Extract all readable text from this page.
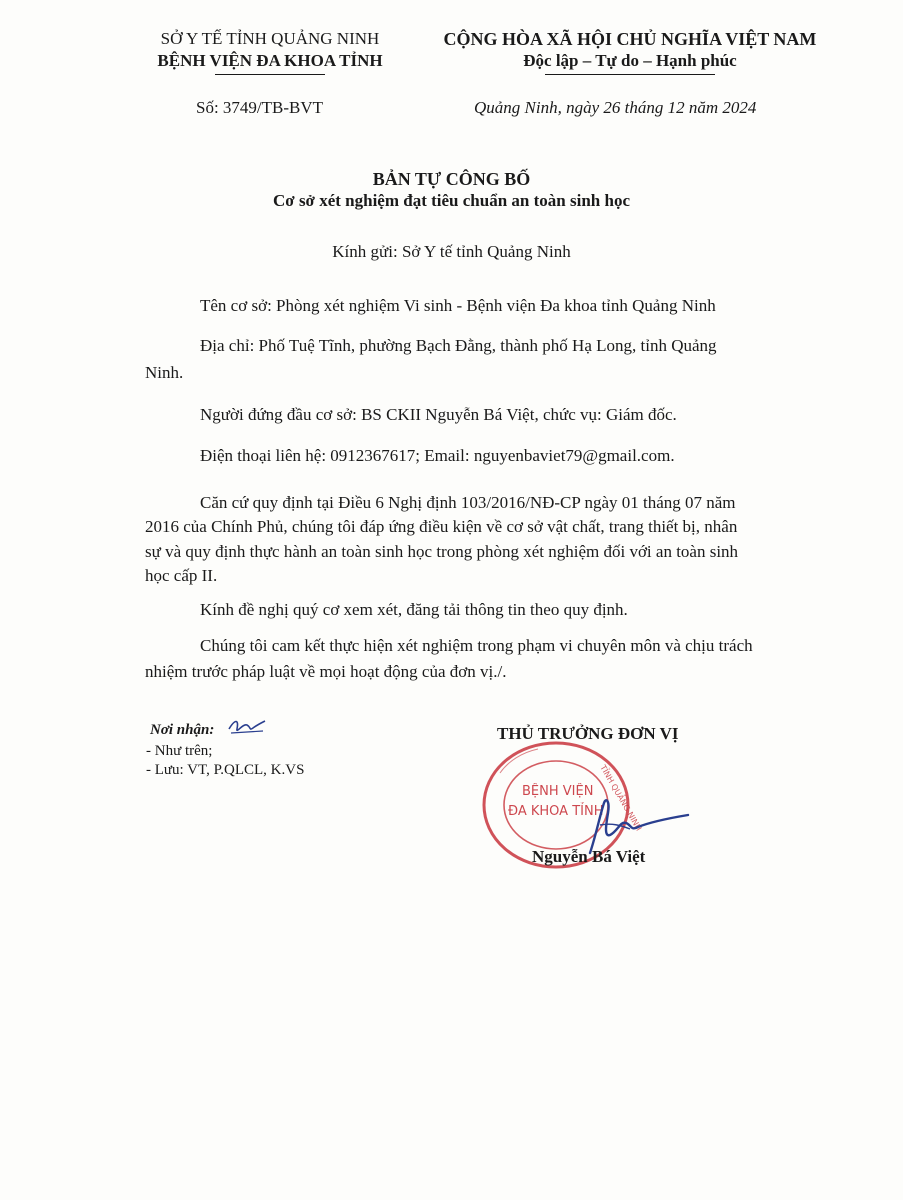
SỞ Y TẾ TỈNH QUẢNG NINH
BỆNH VIỆN ĐA KHOA TỈNH
CỘNG HÒA XÃ HỘI CHỦ NGHĨA VIỆT NAM
Độc lập – Tự do – Hạnh phúc
Số: 3749/TB-BVT	Quảng Ninh, ngày 26 tháng 12 năm 2024
BẢN TỰ CÔNG BỐ
Cơ sở xét nghiệm đạt tiêu chuẩn an toàn sinh học
Kính gửi: Sở Y tế tỉnh Quảng Ninh
Tên cơ sở: Phòng xét nghiệm Vi sinh - Bệnh viện Đa khoa tỉnh Quảng Ninh
Địa chỉ: Phố Tuệ Tĩnh, phường Bạch Đằng, thành phố Hạ Long, tỉnh Quảng
Ninh.
Người đứng đầu cơ sở: BS CKII Nguyễn Bá Việt, chức vụ: Giám đốc.
Điện thoại liên hệ: 0912367617; Email: nguyenbaviet79@gmail.com.
Căn cứ quy định tại Điều 6 Nghị định 103/2016/NĐ-CP ngày 01 tháng 07 năm
2016 của Chính Phủ, chúng tôi đáp ứng điều kiện về cơ sở vật chất, trang thiết bị, nhân
sự và quy định thực hành an toàn sinh học trong phòng xét nghiệm đối với an toàn sinh
học cấp II.
Kính đề nghị quý cơ xem xét, đăng tải thông tin theo quy định.
Chúng tôi cam kết thực hiện xét nghiệm trong phạm vi chuyên môn và chịu trách
nhiệm trước pháp luật về mọi hoạt động của đơn vị./.
Nơi nhận:
- Như trên;
- Lưu: VT, P.QLCL, K.VS
THỦ TRƯỞNG ĐƠN VỊ
BỆNH VIỆN
ĐA KHOA TỈNH
TỈNH QUẢNG NINH
Nguyễn Bá Việt
